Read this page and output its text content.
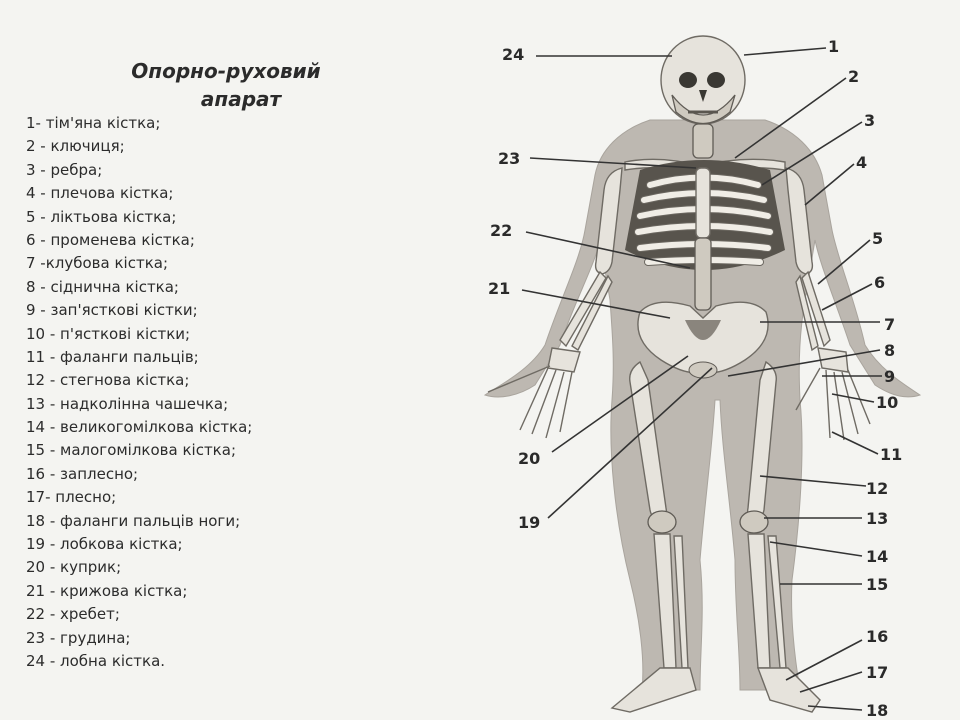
Опорно-руховий
апарат
1- тім'яна кістка;
2 - ключиця;
3 - ребра;
4 - плечова кістка;
5 - ліктьова кістка;
6 - променева кістка;
7 -клубова кістка;
8 - сіднична кістка;
9 - зап'ясткові кістки;
10 - п'ясткові кістки;
11 - фаланги пальців;
12 - стегнова кістка;
13 - надколінна чашечка;
14 - великогомілкова кістка;
15 - малогомілкова кістка;
16 - заплесно;
17- плесно;
18 - фаланги пальців ноги;
19 - лобкова кістка;
20 - куприк;
21 - крижова кістка;
22 - хребет;
23 - грудина;
24 - лобна кістка.
1
2
3
4
5
6
7
8
9
10
11
12
13
14
15
16
17
18
19
20
21
22
23
24
